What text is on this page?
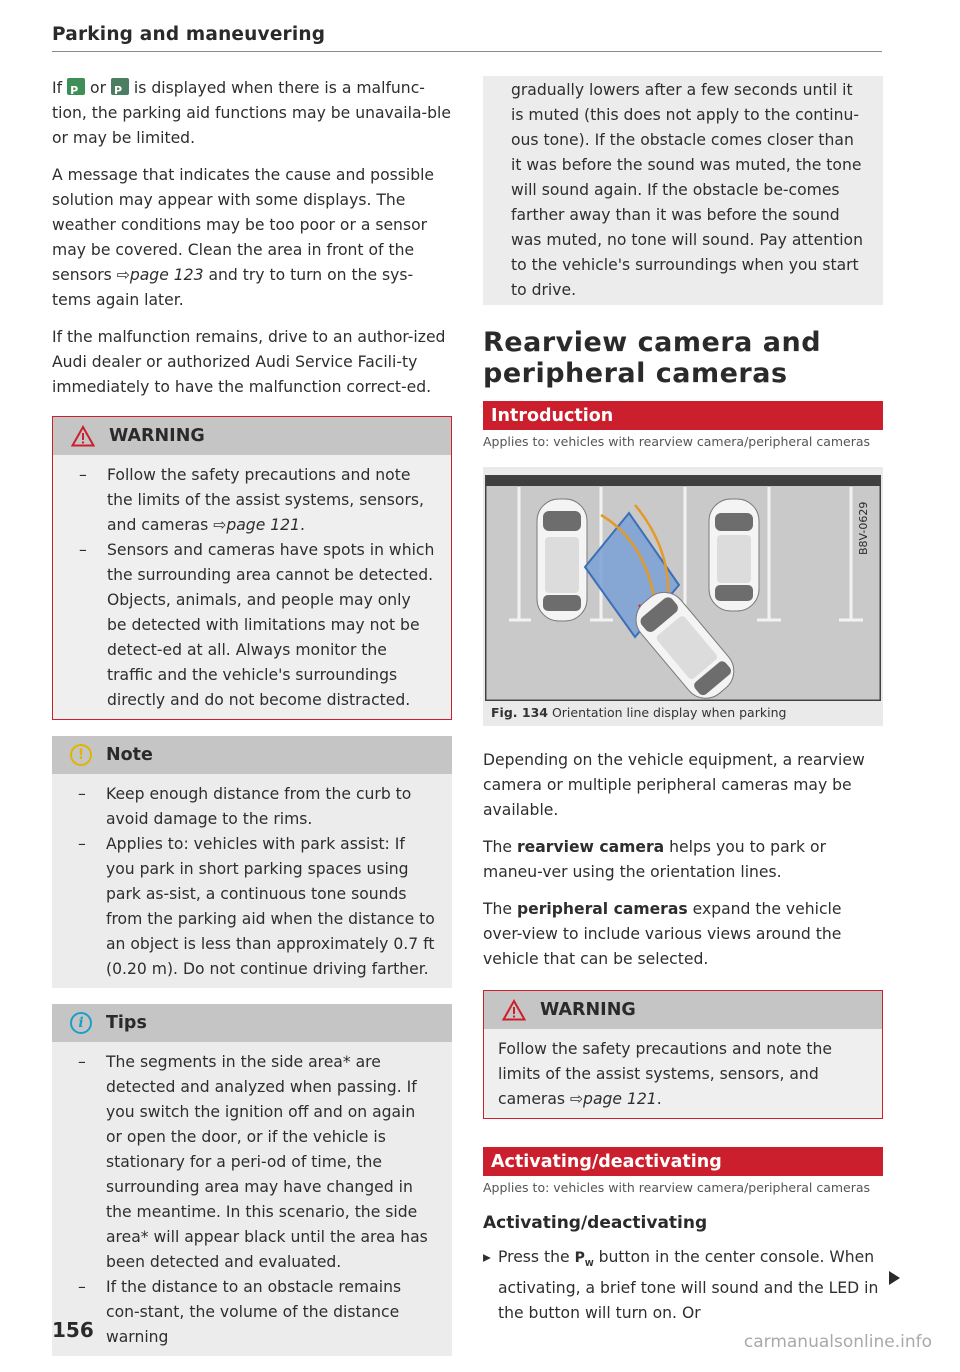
Parking and maneuvering

If P or P is displayed when there is a malfunc-tion, the parking aid functions may be unavaila-ble or may be limited.

A message that indicates the cause and possible solution may appear with some displays. The weather conditions may be too poor or a sensor may be covered. Clean the area in front of the sensors ⇨page 123 and try to turn on the sys-tems again later.

If the malfunction remains, drive to an author-ized Audi dealer or authorized Audi Service Facili-ty immediately to have the malfunction correct-ed.

WARNING
– Follow the safety precautions and note the limits of the assist systems, sensors, and cameras ⇨page 121.
– Sensors and cameras have spots in which the surrounding area cannot be detected. Objects, animals, and people may only be detected with limitations may not be detect-ed at all. Always monitor the traffic and the vehicle's surroundings directly and do not become distracted.
!	Note
– Keep enough distance from the curb to avoid damage to the rims.
– Applies to: vehicles with park assist: If you park in short parking spaces using park as-sist, a continuous tone sounds from the parking aid when the distance to an object is less than approximately 0.7 ft (0.20 m). Do not continue driving farther.
i	Tips
– The segments in the side area* are detected and analyzed when passing. If you switch the ignition off and on again or open the door, or if the vehicle is stationary for a peri-od of time, the surrounding area may have changed in the meantime. In this scenario, the side area* will appear black until the area has been detected and evaluated.
– If the distance to an obstacle remains con-stant, the volume of the distance warning

gradually lowers after a few seconds until it is muted (this does not apply to the continu-ous tone). If the obstacle comes closer than it was before the sound was muted, the tone will sound again. If the obstacle be-comes farther away than it was before the sound was muted, no tone will sound. Pay attention to the vehicle's surroundings when you start to drive.

Rearview camera and peripheral cameras
Introduction
Applies to: vehicles with rearview camera/peripheral cameras
B8V-0629
Fig. 134 Orientation line display when parking

Depending on the vehicle equipment, a rearview camera or multiple peripheral cameras may be available.

The rearview camera helps you to park or maneu-ver using the orientation lines.

The peripheral cameras expand the vehicle over-view to include various views around the vehicle that can be selected.

WARNING

Follow the safety precautions and note the limits of the assist systems, sensors, and cameras ⇨page 121.

Activating/deactivating
Applies to: vehicles with rearview camera/peripheral cameras
Activating/deactivating
▸ Press the $P_W$ button in the center console. When activating, a brief tone will sound and the LED in the button will turn on. Or
156	carmanualsonline.info
